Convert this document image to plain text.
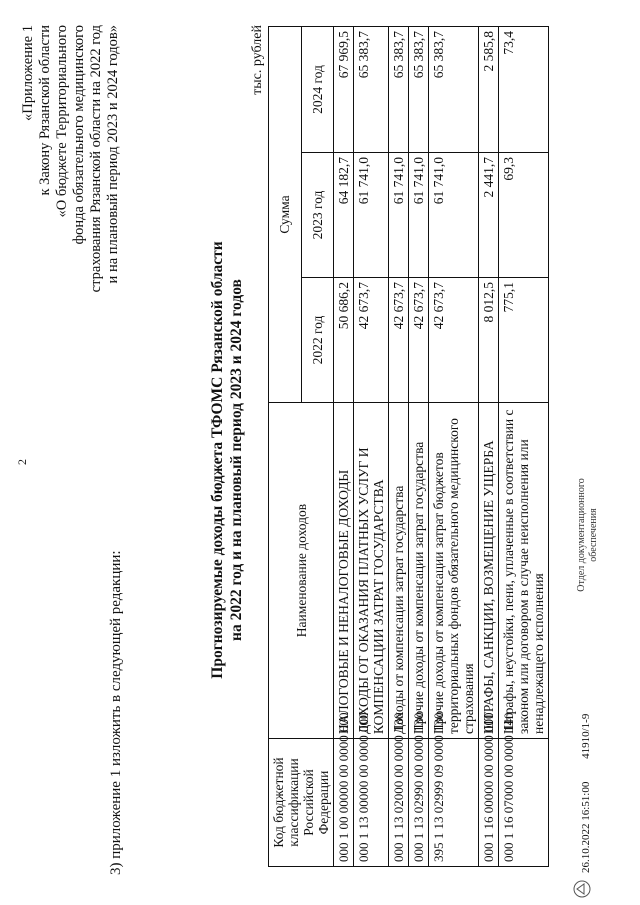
2
3) приложение 1 изложить в следующей редакции:
«Приложение 1 к Закону Рязанской области «О бюджете Территориального фонда обязательного медицинского страхования Рязанской области на 2022 год и на плановый период 2023 и 2024 годов»
Прогнозируемые доходы бюджета ТФОМС Рязанской области на 2022 год и на плановый период 2023 и 2024 годов
тыс. рублей
Код бюджетной классификации Российской Федерации	Наименование доходов	Сумма		
		2022 год	2023 год	2024 год
000 1 00 00000 00 0000 000	НАЛОГОВЫЕ И НЕНАЛОГОВЫЕ ДОХОДЫ	50 686,2	64 182,7	67 969,5
000 1 13 00000 00 0000 000	ДОХОДЫ ОТ ОКАЗАНИЯ ПЛАТНЫХ УСЛУГ И КОМПЕНСАЦИИ ЗАТРАТ ГОСУДАРСТВА	42 673,7	61 741,0	65 383,7
000 1 13 02000 00 0000 130	Доходы от компенсации затрат государства	42 673,7	61 741,0	65 383,7
000 1 13 02990 00 0000 130	Прочие доходы от компенсации затрат государства	42 673,7	61 741,0	65 383,7
395 1 13 02999 09 0000 130	Прочие доходы от компенсации затрат бюджетов территориальных фондов обязательного медицинского страхования	42 673,7	61 741,0	65 383,7
000 1 16 00000 00 0000 000	ШТРАФЫ, САНКЦИИ, ВОЗМЕЩЕНИЕ УЩЕРБА	8 012,5	2 441,7	2 585,8
000 1 16 07000 00 0000 140	Штрафы, неустойки, пени, уплаченные в соответствии с законом или договором в случае неисполнения или ненадлежащего исполнения	775,1	69,3	73,4
26.10.2022 16:51:00 41910/1-9
Отдел документационного обеспечения
